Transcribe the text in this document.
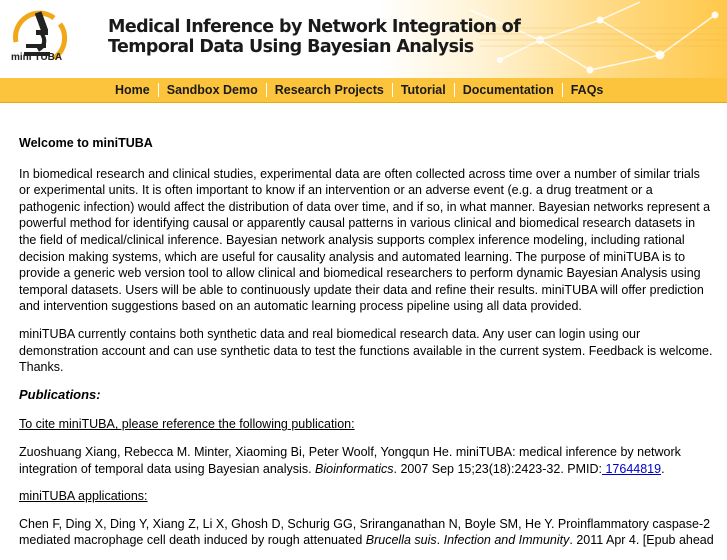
mini TUBA
Medical Inference by Network Integration of
Temporal Data Using Bayesian Analysis
Home	Sandbox Demo	Research Projects	Tutorial	Documentation	FAQs

Welcome to miniTUBA

In biomedical research and clinical studies, experimental data are often collected across time over a number of similar trials or experimental units. It is often important to know if an intervention or an adverse event (e.g. a drug treatment or a pathogenic infection) would affect the distribution of data over time, and if so, in what manner. Bayesian networks represent a powerful method for identifying causal or apparently causal patterns in various clinical and biomedical research datasets in the field of medical/clinical inference. Bayesian network analysis supports complex inference modeling, including rational decision making systems, which are useful for causality analysis and automated learning. The purpose of miniTUBA is to provide a generic web version tool to allow clinical and biomedical researchers to perform dynamic Bayesian Analysis using temporal datasets. Users will be able to continuously update their data and refine their results. miniTUBA will offer prediction and intervention suggestions based on an automatic learning process pipeline using all data provided.

miniTUBA currently contains both synthetic data and real biomedical research data. Any user can login using our demonstration account and can use synthetic data to test the functions available in the current system. Feedback is welcome. Thanks.

Publications:

To cite miniTUBA, please reference the following publication:

Zuoshuang Xiang, Rebecca M. Minter, Xiaoming Bi, Peter Woolf, Yongqun He. miniTUBA: medical inference by network integration of temporal data using Bayesian analysis. Bioinformatics. 2007 Sep 15;23(18):2423-32. PMID: 17644819.

miniTUBA applications:

Chen F, Ding X, Ding Y, Xiang Z, Li X, Ghosh D, Schurig GG, Sriranganathan N, Boyle SM, He Y. Proinflammatory caspase-2 mediated macrophage cell death induced by rough attenuated Brucella suis. Infection and Immunity. 2011 Apr 4. [Epub ahead
